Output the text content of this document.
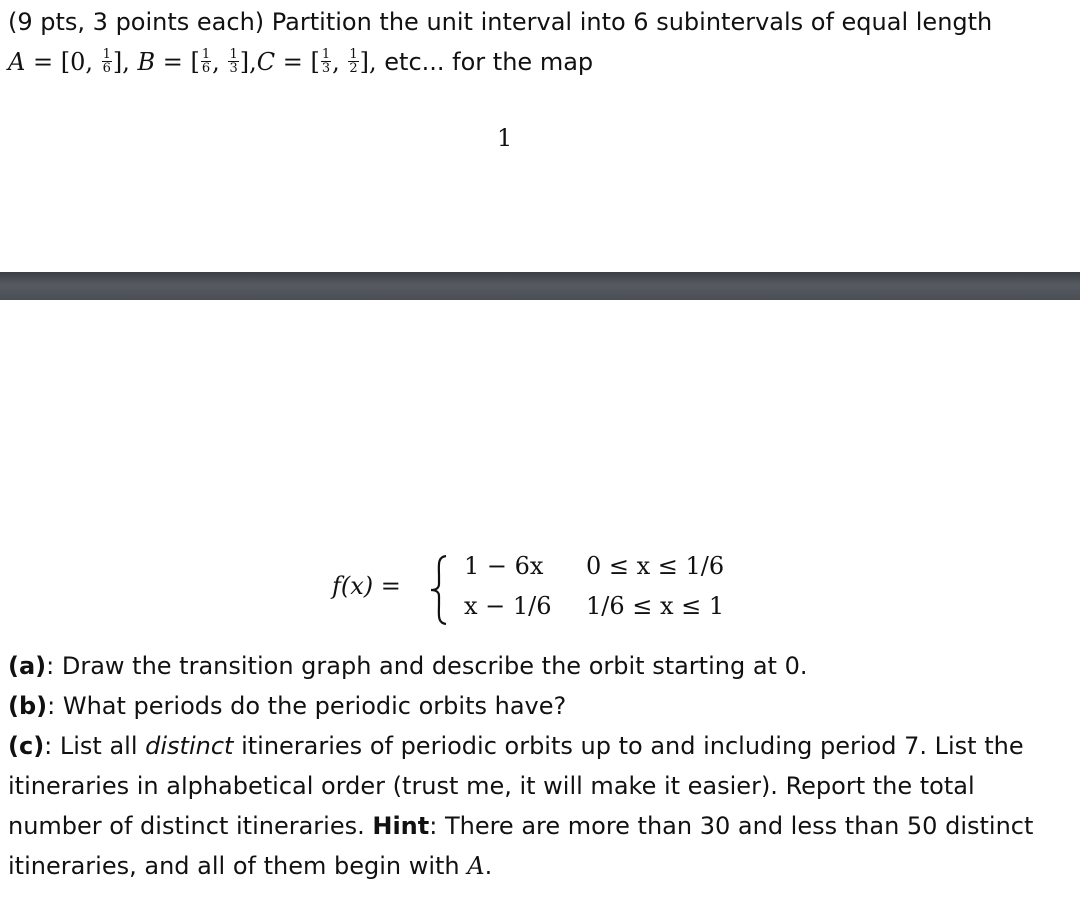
(9 pts, 3 points each) Partition the unit interval into 6 subintervals of equal length
A = [0, $\frac{1}{6}$ ], B = [ $\frac{1}{6}$ , $\frac{1}{3} ],C$ = [ $\frac{1}{3}$ , $\frac{1}{2}$ ], etc... for the map
1
f(x) =
1 − 6x 0 ≤ x ≤ 1/6
x − 1/6 1/6 ≤ x ≤ 1
(a): Draw the transition graph and describe the orbit starting at 0.
(b): What periods do the periodic orbits have?
(c): List all distinct itineraries of periodic orbits up to and including period 7. List the itineraries in alphabetical order (trust me, it will make it easier). Report the total number of distinct itineraries. Hint: There are more than 30 and less than 50 distinct itineraries, and all of them begin with A.
